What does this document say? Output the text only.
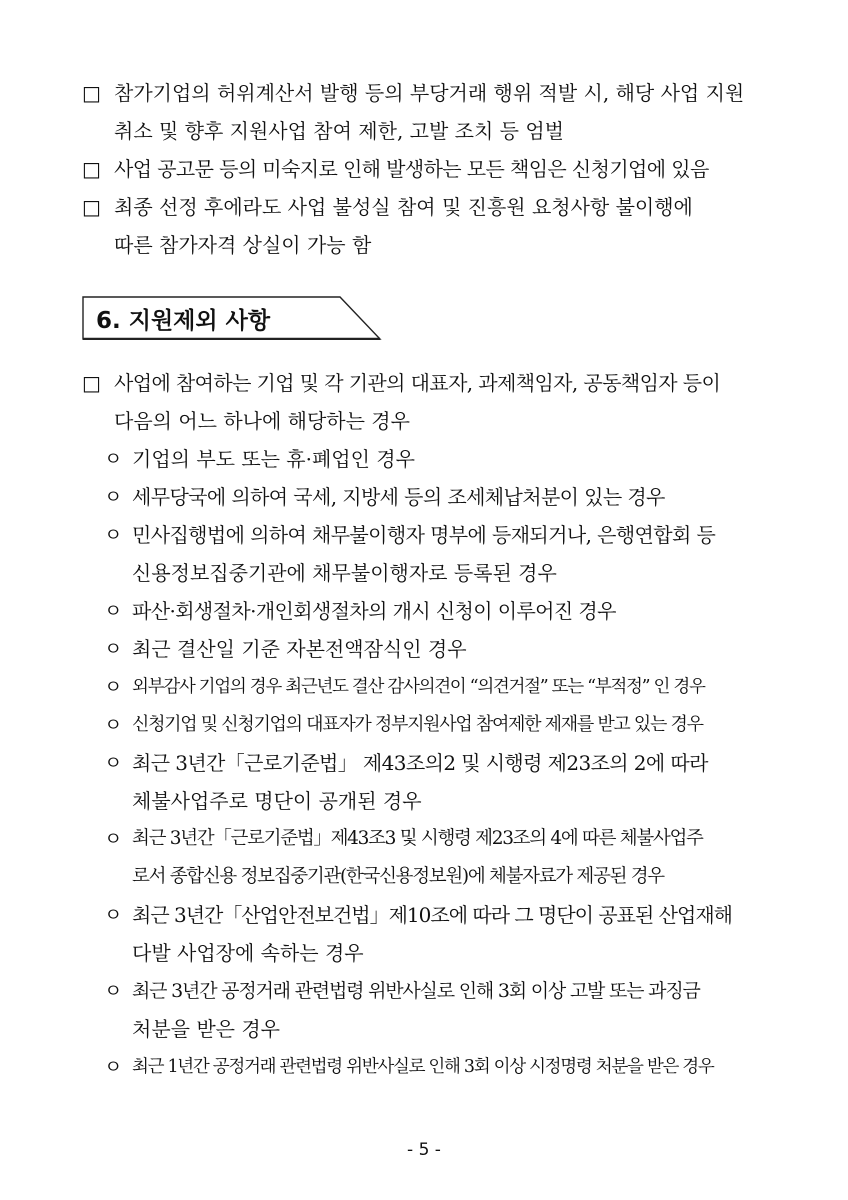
□ 참가기업의 허위계산서 발행 등의 부당거래 행위 적발 시, 해당 사업 지원
취소 및 향후 지원사업 참여 제한, 고발 조치 등 엄벌
□ 사업 공고문 등의 미숙지로 인해 발생하는 모든 책임은 신청기업에 있음
□ 최종 선정 후에라도 사업 불성실 참여 및 진흥원 요청사항 불이행에
따른 참가자격 상실이 가능 함
6. 지원제외 사항
□ 사업에 참여하는 기업 및 각 기관의 대표자, 과제책임자, 공동책임자 등이
다음의 어느 하나에 해당하는 경우
ㅇ 기업의 부도 또는 휴·폐업인 경우
ㅇ 세무당국에 의하여 국세, 지방세 등의 조세체납처분이 있는 경우
ㅇ 민사집행법에 의하여 채무불이행자 명부에 등재되거나, 은행연합회 등
신용정보집중기관에 채무불이행자로 등록된 경우
ㅇ 파산·회생절차·개인회생절차의 개시 신청이 이루어진 경우
ㅇ 최근 결산일 기준 자본전액잠식인 경우
ㅇ 외부감사 기업의 경우 최근년도 결산 감사의견이 “의견거절” 또는 “부적정” 인 경우
ㅇ 신청기업 및 신청기업의 대표자가 정부지원사업 참여제한 제재를 받고 있는 경우
ㅇ 최근 3년간「근로기준법」 제43조의2 및 시행령 제23조의 2에 따라
체불사업주로 명단이 공개된 경우
ㅇ 최근 3년간「근로기준법」제43조3 및 시행령 제23조의 4에 따른 체불사업주
로서 종합신용 정보집중기관(한국신용정보원)에 체불자료가 제공된 경우
ㅇ 최근 3년간「산업안전보건법」제10조에 따라 그 명단이 공표된 산업재해
다발 사업장에 속하는 경우
ㅇ 최근 3년간 공정거래 관련법령 위반사실로 인해 3회 이상 고발 또는 과징금
처분을 받은 경우
ㅇ 최근 1년간 공정거래 관련법령 위반사실로 인해 3회 이상 시정명령 처분을 받은 경우
- 5 -
